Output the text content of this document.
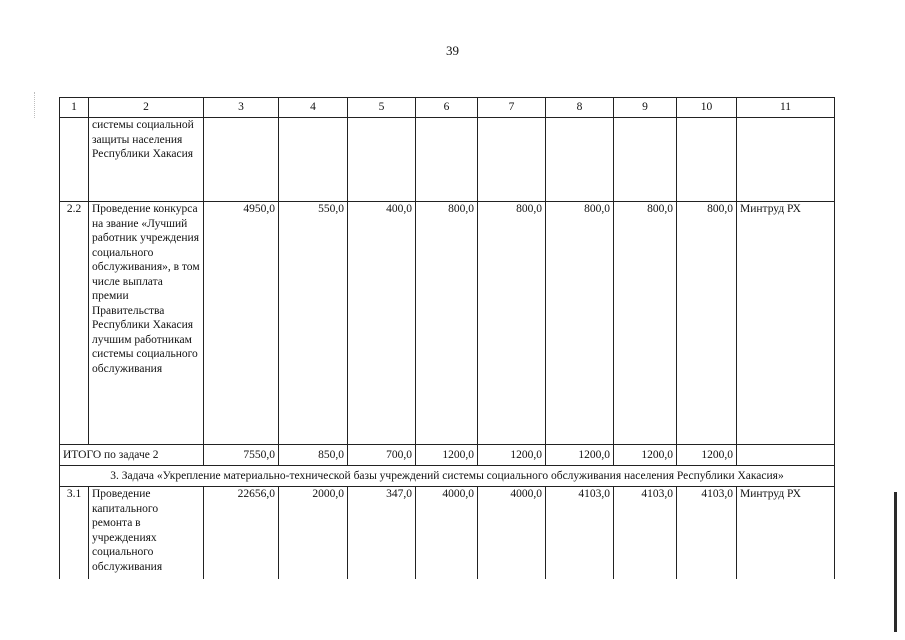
39
1	2	3	4	5	6	7	8	9	10	11
	системы социальной защиты населения Республики Хакасия									
2.2	Проведение конкурса на звание «Лучший работник учреждения социального обслуживания», в том числе выплата премии Правительства Республики Хакасия лучшим работникам системы социального обслуживания	4950,0	550,0	400,0	800,0	800,0	800,0	800,0	800,0	Минтруд РХ
ИТОГО по задаче 2		7550,0	850,0	700,0	1200,0	1200,0	1200,0	1200,0	1200,0	
3. Задача «Укрепление материально-технической базы учреждений системы социального обслуживания населения Республики Хакасия»										
3.1	Проведение капитального ремонта в учреждениях социального обслуживания	22656,0	2000,0	347,0	4000,0	4000,0	4103,0	4103,0	4103,0	Минтруд РХ
